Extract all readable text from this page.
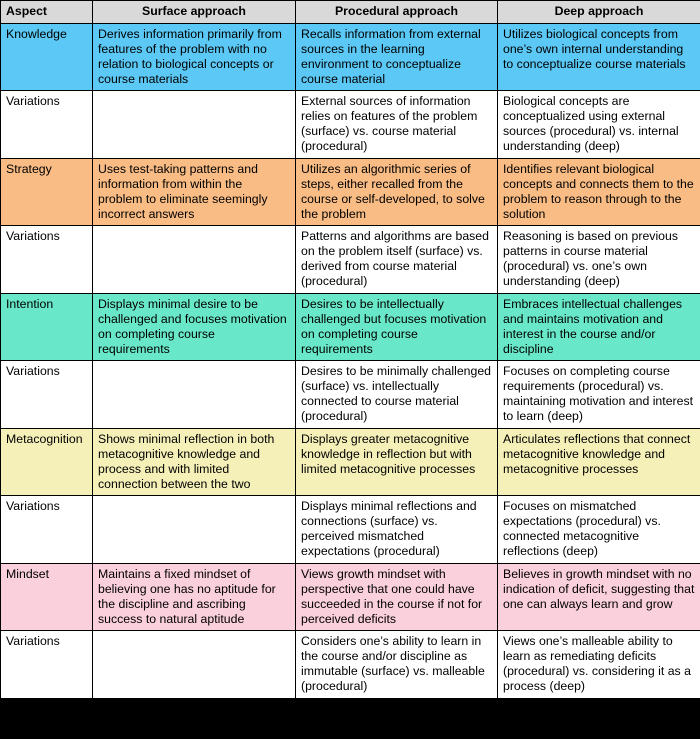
Aspect	Surface approach	Procedural approach	Deep approach
Knowledge	Derives information primarily from features of the problem with no relation to biological concepts or course materials	Recalls information from external sources in the learning environment to conceptualize course material	Utilizes biological concepts from one’s own internal understanding to conceptualize course materials
Variations		External sources of information relies on features of the problem (surface) vs. course material (procedural)	Biological concepts are conceptualized using external sources (procedural) vs. internal understanding (deep)
Strategy	Uses test-taking patterns and information from within the problem to eliminate seemingly incorrect answers	Utilizes an algorithmic series of steps, either recalled from the course or self-developed, to solve the problem	Identifies relevant biological concepts and connects them to the problem to reason through to the solution
Variations		Patterns and algorithms are based on the problem itself (surface) vs. derived from course material (procedural)	Reasoning is based on previous patterns in course material (procedural) vs. one’s own understanding (deep)
Intention	Displays minimal desire to be challenged and focuses motivation on completing course requirements	Desires to be intellectually challenged but focuses motivation on completing course requirements	Embraces intellectual challenges and maintains motivation and interest in the course and/or discipline
Variations		Desires to be minimally challenged (surface) vs. intellectually connected to course material (procedural)	Focuses on completing course requirements (procedural) vs. maintaining motivation and interest to learn (deep)
Metacognition	Shows minimal reflection in both metacognitive knowledge and process and with limited connection between the two	Displays greater metacognitive knowledge in reflection but with limited metacognitive processes	Articulates reflections that connect metacognitive knowledge and metacognitive processes
Variations		Displays minimal reflections and connections (surface) vs. perceived mismatched expectations (procedural)	Focuses on mismatched expectations (procedural) vs. connected metacognitive reflections (deep)
Mindset	Maintains a fixed mindset of believing one has no aptitude for the discipline and ascribing success to natural aptitude	Views growth mindset with perspective that one could have succeeded in the course if not for perceived deficits	Believes in growth mindset with no indication of deficit, suggesting that one can always learn and grow
Variations		Considers one’s ability to learn in the course and/or discipline as immutable (surface) vs. malleable (procedural)	Views one’s malleable ability to learn as remediating deficits (procedural) vs. considering it as a process (deep)
